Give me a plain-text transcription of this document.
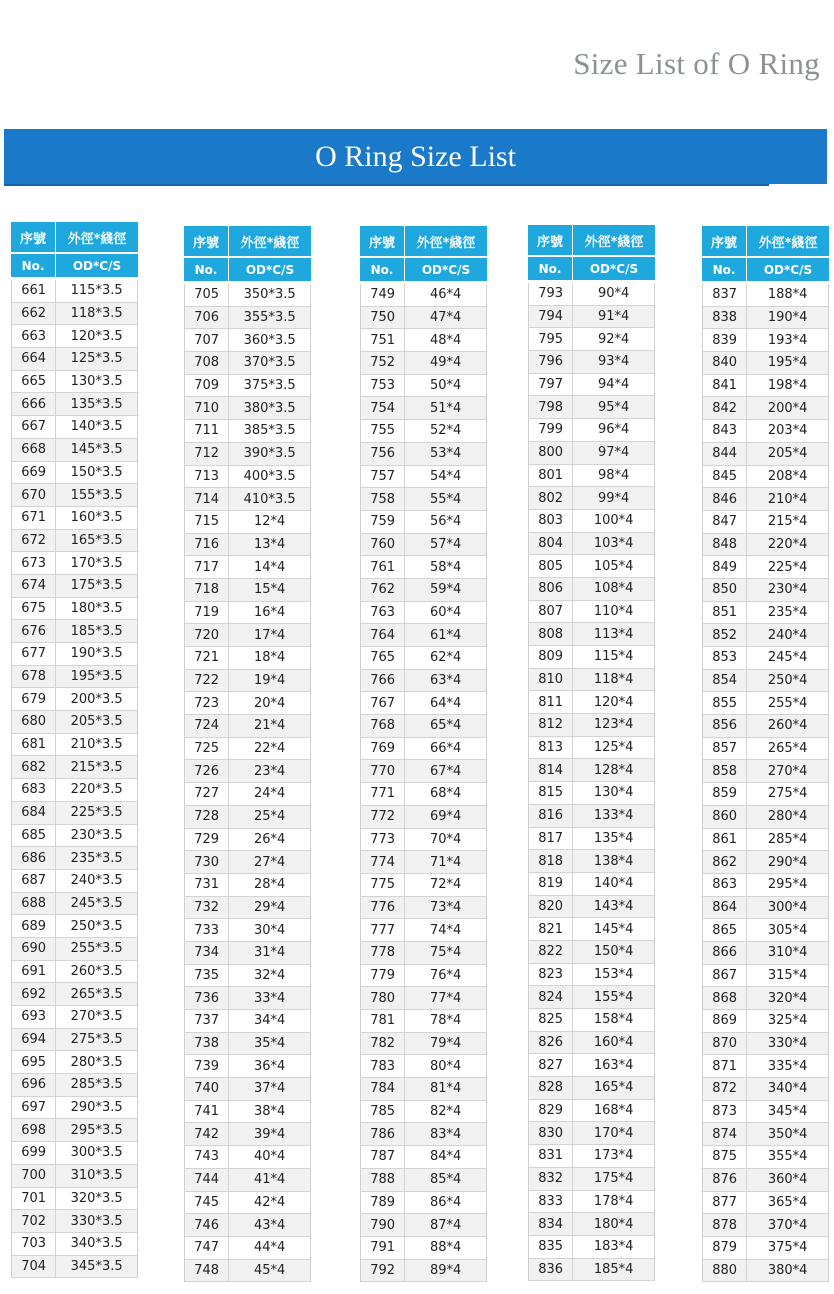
Size List of O Ring
O Ring Size List
序號	外徑*綫徑
No.	OD*C/S
661	115*3.5
662	118*3.5
663	120*3.5
664	125*3.5
665	130*3.5
666	135*3.5
667	140*3.5
668	145*3.5
669	150*3.5
670	155*3.5
671	160*3.5
672	165*3.5
673	170*3.5
674	175*3.5
675	180*3.5
676	185*3.5
677	190*3.5
678	195*3.5
679	200*3.5
680	205*3.5
681	210*3.5
682	215*3.5
683	220*3.5
684	225*3.5
685	230*3.5
686	235*3.5
687	240*3.5
688	245*3.5
689	250*3.5
690	255*3.5
691	260*3.5
692	265*3.5
693	270*3.5
694	275*3.5
695	280*3.5
696	285*3.5
697	290*3.5
698	295*3.5
699	300*3.5
700	310*3.5
701	320*3.5
702	330*3.5
703	340*3.5
704	345*3.5
序號	外徑*綫徑
No.	OD*C/S
705	350*3.5
706	355*3.5
707	360*3.5
708	370*3.5
709	375*3.5
710	380*3.5
711	385*3.5
712	390*3.5
713	400*3.5
714	410*3.5
715	12*4
716	13*4
717	14*4
718	15*4
719	16*4
720	17*4
721	18*4
722	19*4
723	20*4
724	21*4
725	22*4
726	23*4
727	24*4
728	25*4
729	26*4
730	27*4
731	28*4
732	29*4
733	30*4
734	31*4
735	32*4
736	33*4
737	34*4
738	35*4
739	36*4
740	37*4
741	38*4
742	39*4
743	40*4
744	41*4
745	42*4
746	43*4
747	44*4
748	45*4
序號	外徑*綫徑
No.	OD*C/S
749	46*4
750	47*4
751	48*4
752	49*4
753	50*4
754	51*4
755	52*4
756	53*4
757	54*4
758	55*4
759	56*4
760	57*4
761	58*4
762	59*4
763	60*4
764	61*4
765	62*4
766	63*4
767	64*4
768	65*4
769	66*4
770	67*4
771	68*4
772	69*4
773	70*4
774	71*4
775	72*4
776	73*4
777	74*4
778	75*4
779	76*4
780	77*4
781	78*4
782	79*4
783	80*4
784	81*4
785	82*4
786	83*4
787	84*4
788	85*4
789	86*4
790	87*4
791	88*4
792	89*4
序號	外徑*綫徑
No.	OD*C/S
793	90*4
794	91*4
795	92*4
796	93*4
797	94*4
798	95*4
799	96*4
800	97*4
801	98*4
802	99*4
803	100*4
804	103*4
805	105*4
806	108*4
807	110*4
808	113*4
809	115*4
810	118*4
811	120*4
812	123*4
813	125*4
814	128*4
815	130*4
816	133*4
817	135*4
818	138*4
819	140*4
820	143*4
821	145*4
822	150*4
823	153*4
824	155*4
825	158*4
826	160*4
827	163*4
828	165*4
829	168*4
830	170*4
831	173*4
832	175*4
833	178*4
834	180*4
835	183*4
836	185*4
序號	外徑*綫徑
No.	OD*C/S
837	188*4
838	190*4
839	193*4
840	195*4
841	198*4
842	200*4
843	203*4
844	205*4
845	208*4
846	210*4
847	215*4
848	220*4
849	225*4
850	230*4
851	235*4
852	240*4
853	245*4
854	250*4
855	255*4
856	260*4
857	265*4
858	270*4
859	275*4
860	280*4
861	285*4
862	290*4
863	295*4
864	300*4
865	305*4
866	310*4
867	315*4
868	320*4
869	325*4
870	330*4
871	335*4
872	340*4
873	345*4
874	350*4
875	355*4
876	360*4
877	365*4
878	370*4
879	375*4
880	380*4
